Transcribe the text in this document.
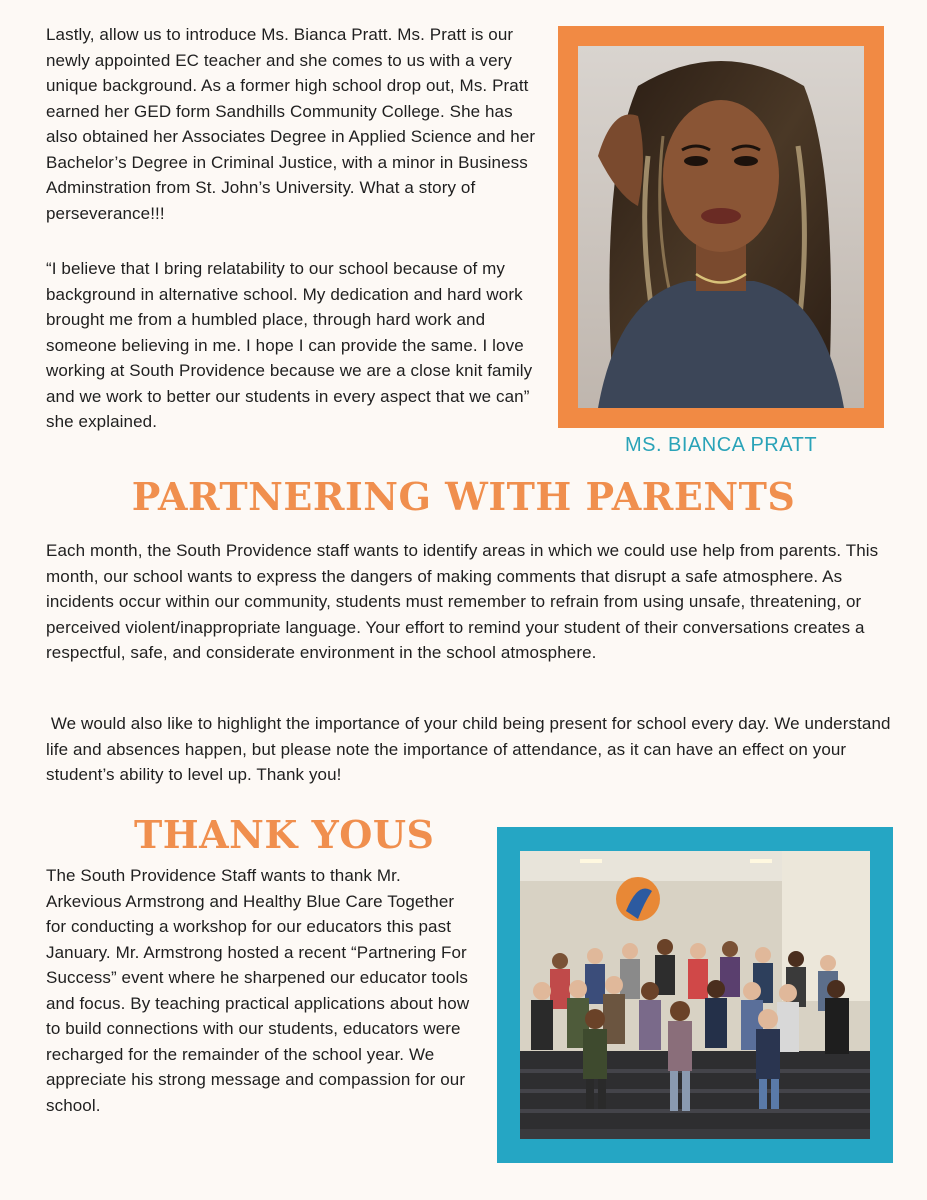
Lastly, allow us to introduce Ms. Bianca Pratt. Ms. Pratt is our newly appointed EC teacher and she comes to us with a very unique background. As a former high school drop out, Ms. Pratt earned her GED form Sandhills Community College. She has also obtained her Associates Degree in Applied Science and her Bachelor’s Degree in Criminal Justice, with a minor in Business Adminstration from St. John’s University. What a story of perseverance!!!

“I believe that I bring relatability to our school because of my background in alternative school. My dedication and hard work brought me from a humbled place, through hard work and someone believing in me. I hope I can provide the same. I love working at South Providence because we are a close knit family and we work to better our students in every aspect that we can” she explained.

MS. BIANCA PRATT
PARTNERING WITH PARENTS

Each month, the South Providence staff wants to identify areas in which we could use help from parents. This month, our school wants to express the dangers of making comments that disrupt a safe atmosphere. As incidents occur within our community, students must remember to refrain from using unsafe, threatening, or perceived violent/inappropriate language. Your effort to remind your student of their conversations creates a respectful, safe, and considerate environment in the school atmosphere.

We would also like to highlight the importance of your child being present for school every day. We understand life and absences happen, but please note the importance of attendance, as it can have an effect on your student’s ability to level up. Thank you!

THANK YOUS

The South Providence Staff wants to thank Mr. Arkevious Armstrong and Healthy Blue Care Together for conducting a workshop for our educators this past January. Mr. Armstrong hosted a recent “Partnering For Success” event where he sharpened our educator tools and focus. By teaching practical applications about how to build connections with our students, educators were recharged for the remainder of the school year. We appreciate his strong message and compassion for our school.
